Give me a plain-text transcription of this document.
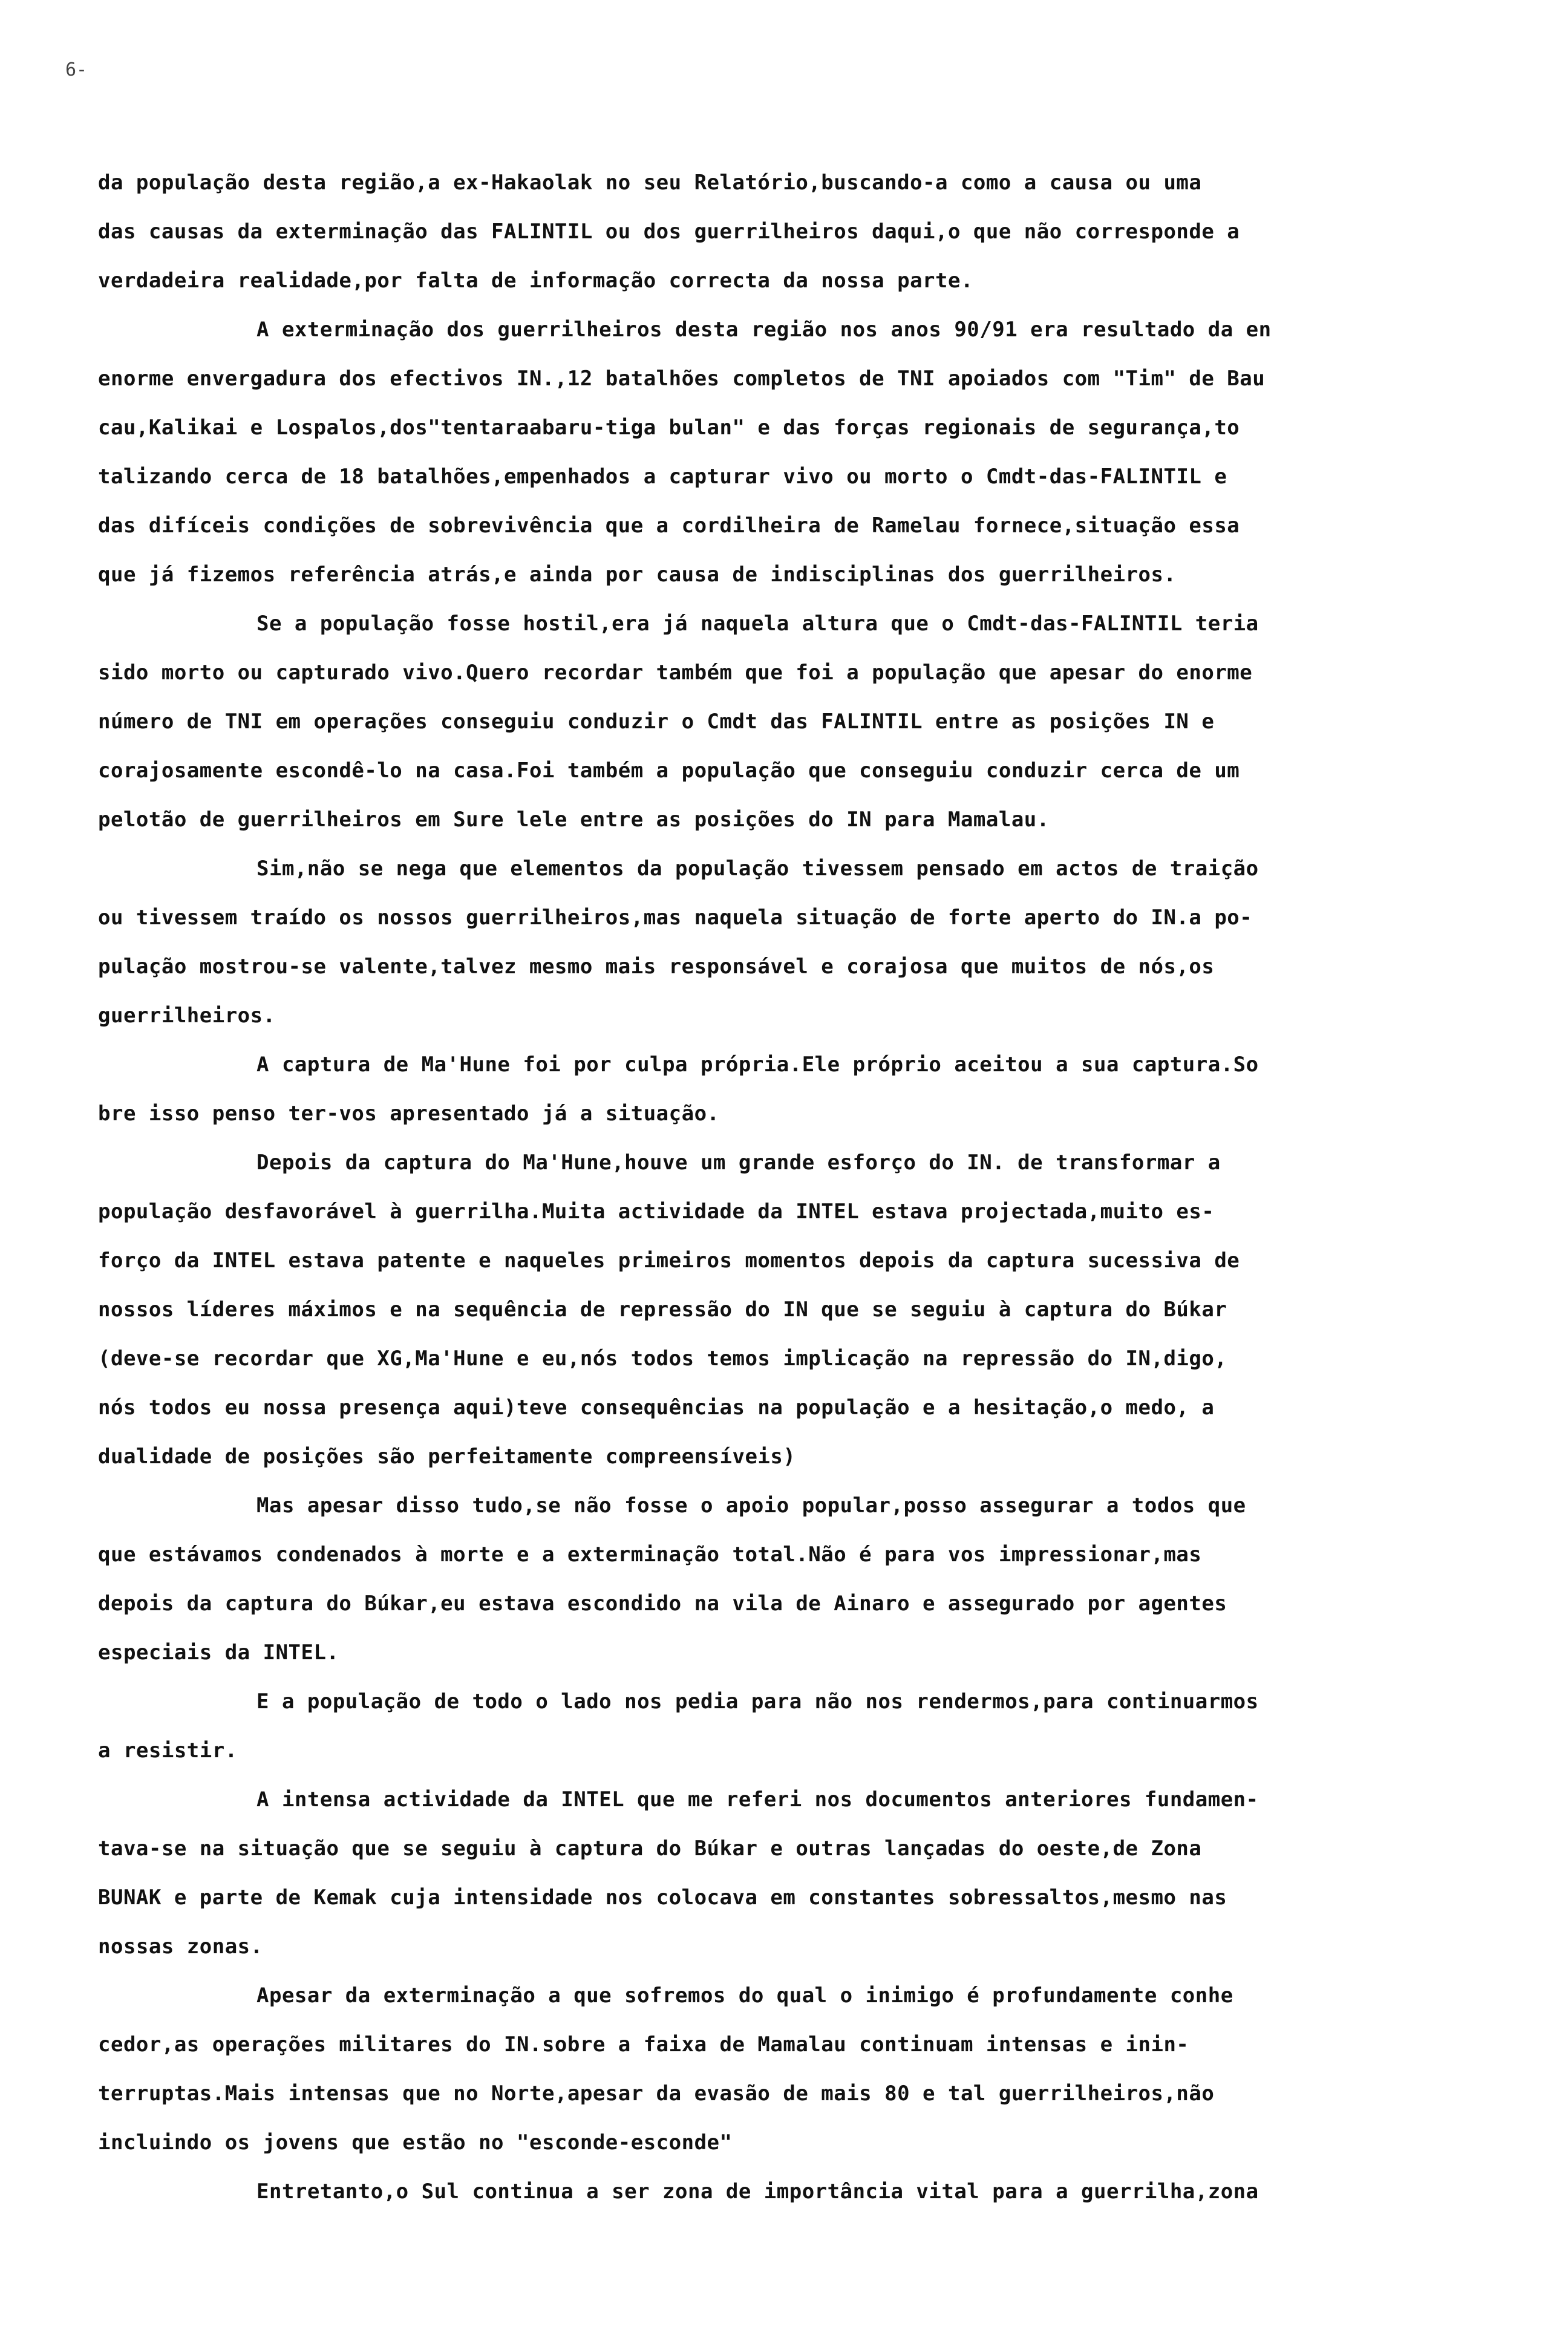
6-
da população desta região,a ex-Hakaolak no seu Relatório,buscando-a como a causa ou uma
das causas da exterminação das FALINTIL ou dos guerrilheiros daqui,o que não corresponde a
verdadeira realidade,por falta de informação correcta da nossa parte.
A exterminação dos guerrilheiros desta região nos anos 90/91 era resultado da en
enorme envergadura dos efectivos IN.,12 batalhões completos de TNI apoiados com "Tim" de Bau
cau,Kalikai e Lospalos,dos"tentaraabaru-tiga bulan" e das forças regionais de segurança,to
talizando cerca de 18 batalhões,empenhados a capturar vivo ou morto o Cmdt-das-FALINTIL e
das difíceis condições de sobrevivência que a cordilheira de Ramelau fornece,situação essa
que já fizemos referência atrás,e ainda por causa de indisciplinas dos guerrilheiros.
Se a população fosse hostil,era já naquela altura que o Cmdt-das-FALINTIL teria
sido morto ou capturado vivo.Quero recordar também que foi a população que apesar do enorme
número de TNI em operações conseguiu conduzir o Cmdt das FALINTIL entre as posições IN e
corajosamente escondê-lo na casa.Foi também a população que conseguiu conduzir cerca de um
pelotão de guerrilheiros em Sure lele entre as posições do IN para Mamalau.
Sim,não se nega que elementos da população tivessem pensado em actos de traição
ou tivessem traído os nossos guerrilheiros,mas naquela situação de forte aperto do IN.a po-
pulação mostrou-se valente,talvez mesmo mais responsável e corajosa que muitos de nós,os
guerrilheiros.
A captura de Ma'Hune foi por culpa própria.Ele próprio aceitou a sua captura.So
bre isso penso ter-vos apresentado já a situação.
Depois da captura do Ma'Hune,houve um grande esforço do IN. de transformar a
população desfavorável à guerrilha.Muita actividade da INTEL estava projectada,muito es-
forço da INTEL estava patente e naqueles primeiros momentos depois da captura sucessiva de
nossos líderes máximos e na sequência de repressão do IN que se seguiu à captura do Búkar
(deve-se recordar que XG,Ma'Hune e eu,nós todos temos implicação na repressão do IN,digo,
nós todos eu nossa presença aqui)teve consequências na população e a hesitação,o medo, a
dualidade de posições são perfeitamente compreensíveis)
Mas apesar disso tudo,se não fosse o apoio popular,posso assegurar a todos que
que estávamos condenados à morte e a exterminação total.Não é para vos impressionar,mas
depois da captura do Búkar,eu estava escondido na vila de Ainaro e assegurado por agentes
especiais da INTEL.
E a população de todo o lado nos pedia para não nos rendermos,para continuarmos
a resistir.
A intensa actividade da INTEL que me referi nos documentos anteriores fundamen-
tava-se na situação que se seguiu à captura do Búkar e outras lançadas do oeste,de Zona
BUNAK e parte de Kemak cuja intensidade nos colocava em constantes sobressaltos,mesmo nas
nossas zonas.
Apesar da exterminação a que sofremos do qual o inimigo é profundamente conhe
cedor,as operações militares do IN.sobre a faixa de Mamalau continuam intensas e inin-
terruptas.Mais intensas que no Norte,apesar da evasão de mais 80 e tal guerrilheiros,não
incluindo os jovens que estão no "esconde-esconde"
Entretanto,o Sul continua a ser zona de importância vital para a guerrilha,zona
